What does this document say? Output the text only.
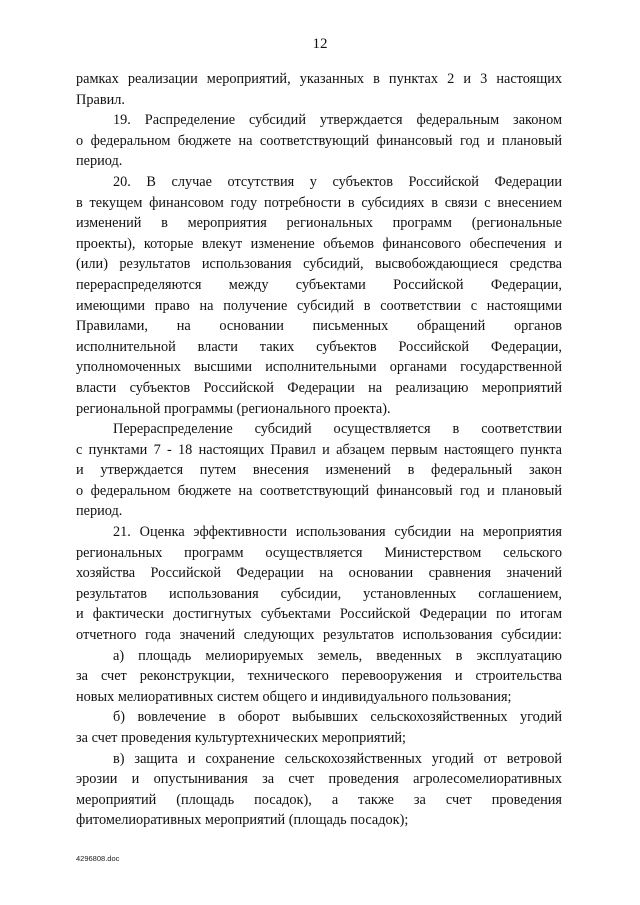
12
рамках реализации мероприятий, указанных в пунктах 2 и 3 настоящих
Правил.
19. Распределение субсидий утверждается федеральным законом
о федеральном бюджете на соответствующий финансовый год и плановый
период.
20. В случае отсутствия у субъектов Российской Федерации
в текущем финансовом году потребности в субсидиях в связи с внесением
изменений в мероприятия региональных программ (региональные
проекты), которые влекут изменение объемов финансового обеспечения и
(или) результатов использования субсидий, высвобождающиеся средства
перераспределяются между субъектами Российской Федерации,
имеющими право на получение субсидий в соответствии с настоящими
Правилами, на основании письменных обращений органов
исполнительной власти таких субъектов Российской Федерации,
уполномоченных высшими исполнительными органами государственной
власти субъектов Российской Федерации на реализацию мероприятий
региональной программы (регионального проекта).
Перераспределение субсидий осуществляется в соответствии
с пунктами 7 - 18 настоящих Правил и абзацем первым настоящего пункта
и утверждается путем внесения изменений в федеральный закон
о федеральном бюджете на соответствующий финансовый год и плановый
период.
21. Оценка эффективности использования субсидии на мероприятия
региональных программ осуществляется Министерством сельского
хозяйства Российской Федерации на основании сравнения значений
результатов использования субсидии, установленных соглашением,
и фактически достигнутых субъектами Российской Федерации по итогам
отчетного года значений следующих результатов использования субсидии:
а) площадь мелиорируемых земель, введенных в эксплуатацию
за счет реконструкции, технического перевооружения и строительства
новых мелиоративных систем общего и индивидуального пользования;
б) вовлечение в оборот выбывших сельскохозяйственных угодий
за счет проведения культуртехнических мероприятий;
в) защита и сохранение сельскохозяйственных угодий от ветровой
эрозии и опустынивания за счет проведения агролесомелиоративных
мероприятий (площадь посадок), а также за счет проведения
фитомелиоративных мероприятий (площадь посадок);
4296808.doc
